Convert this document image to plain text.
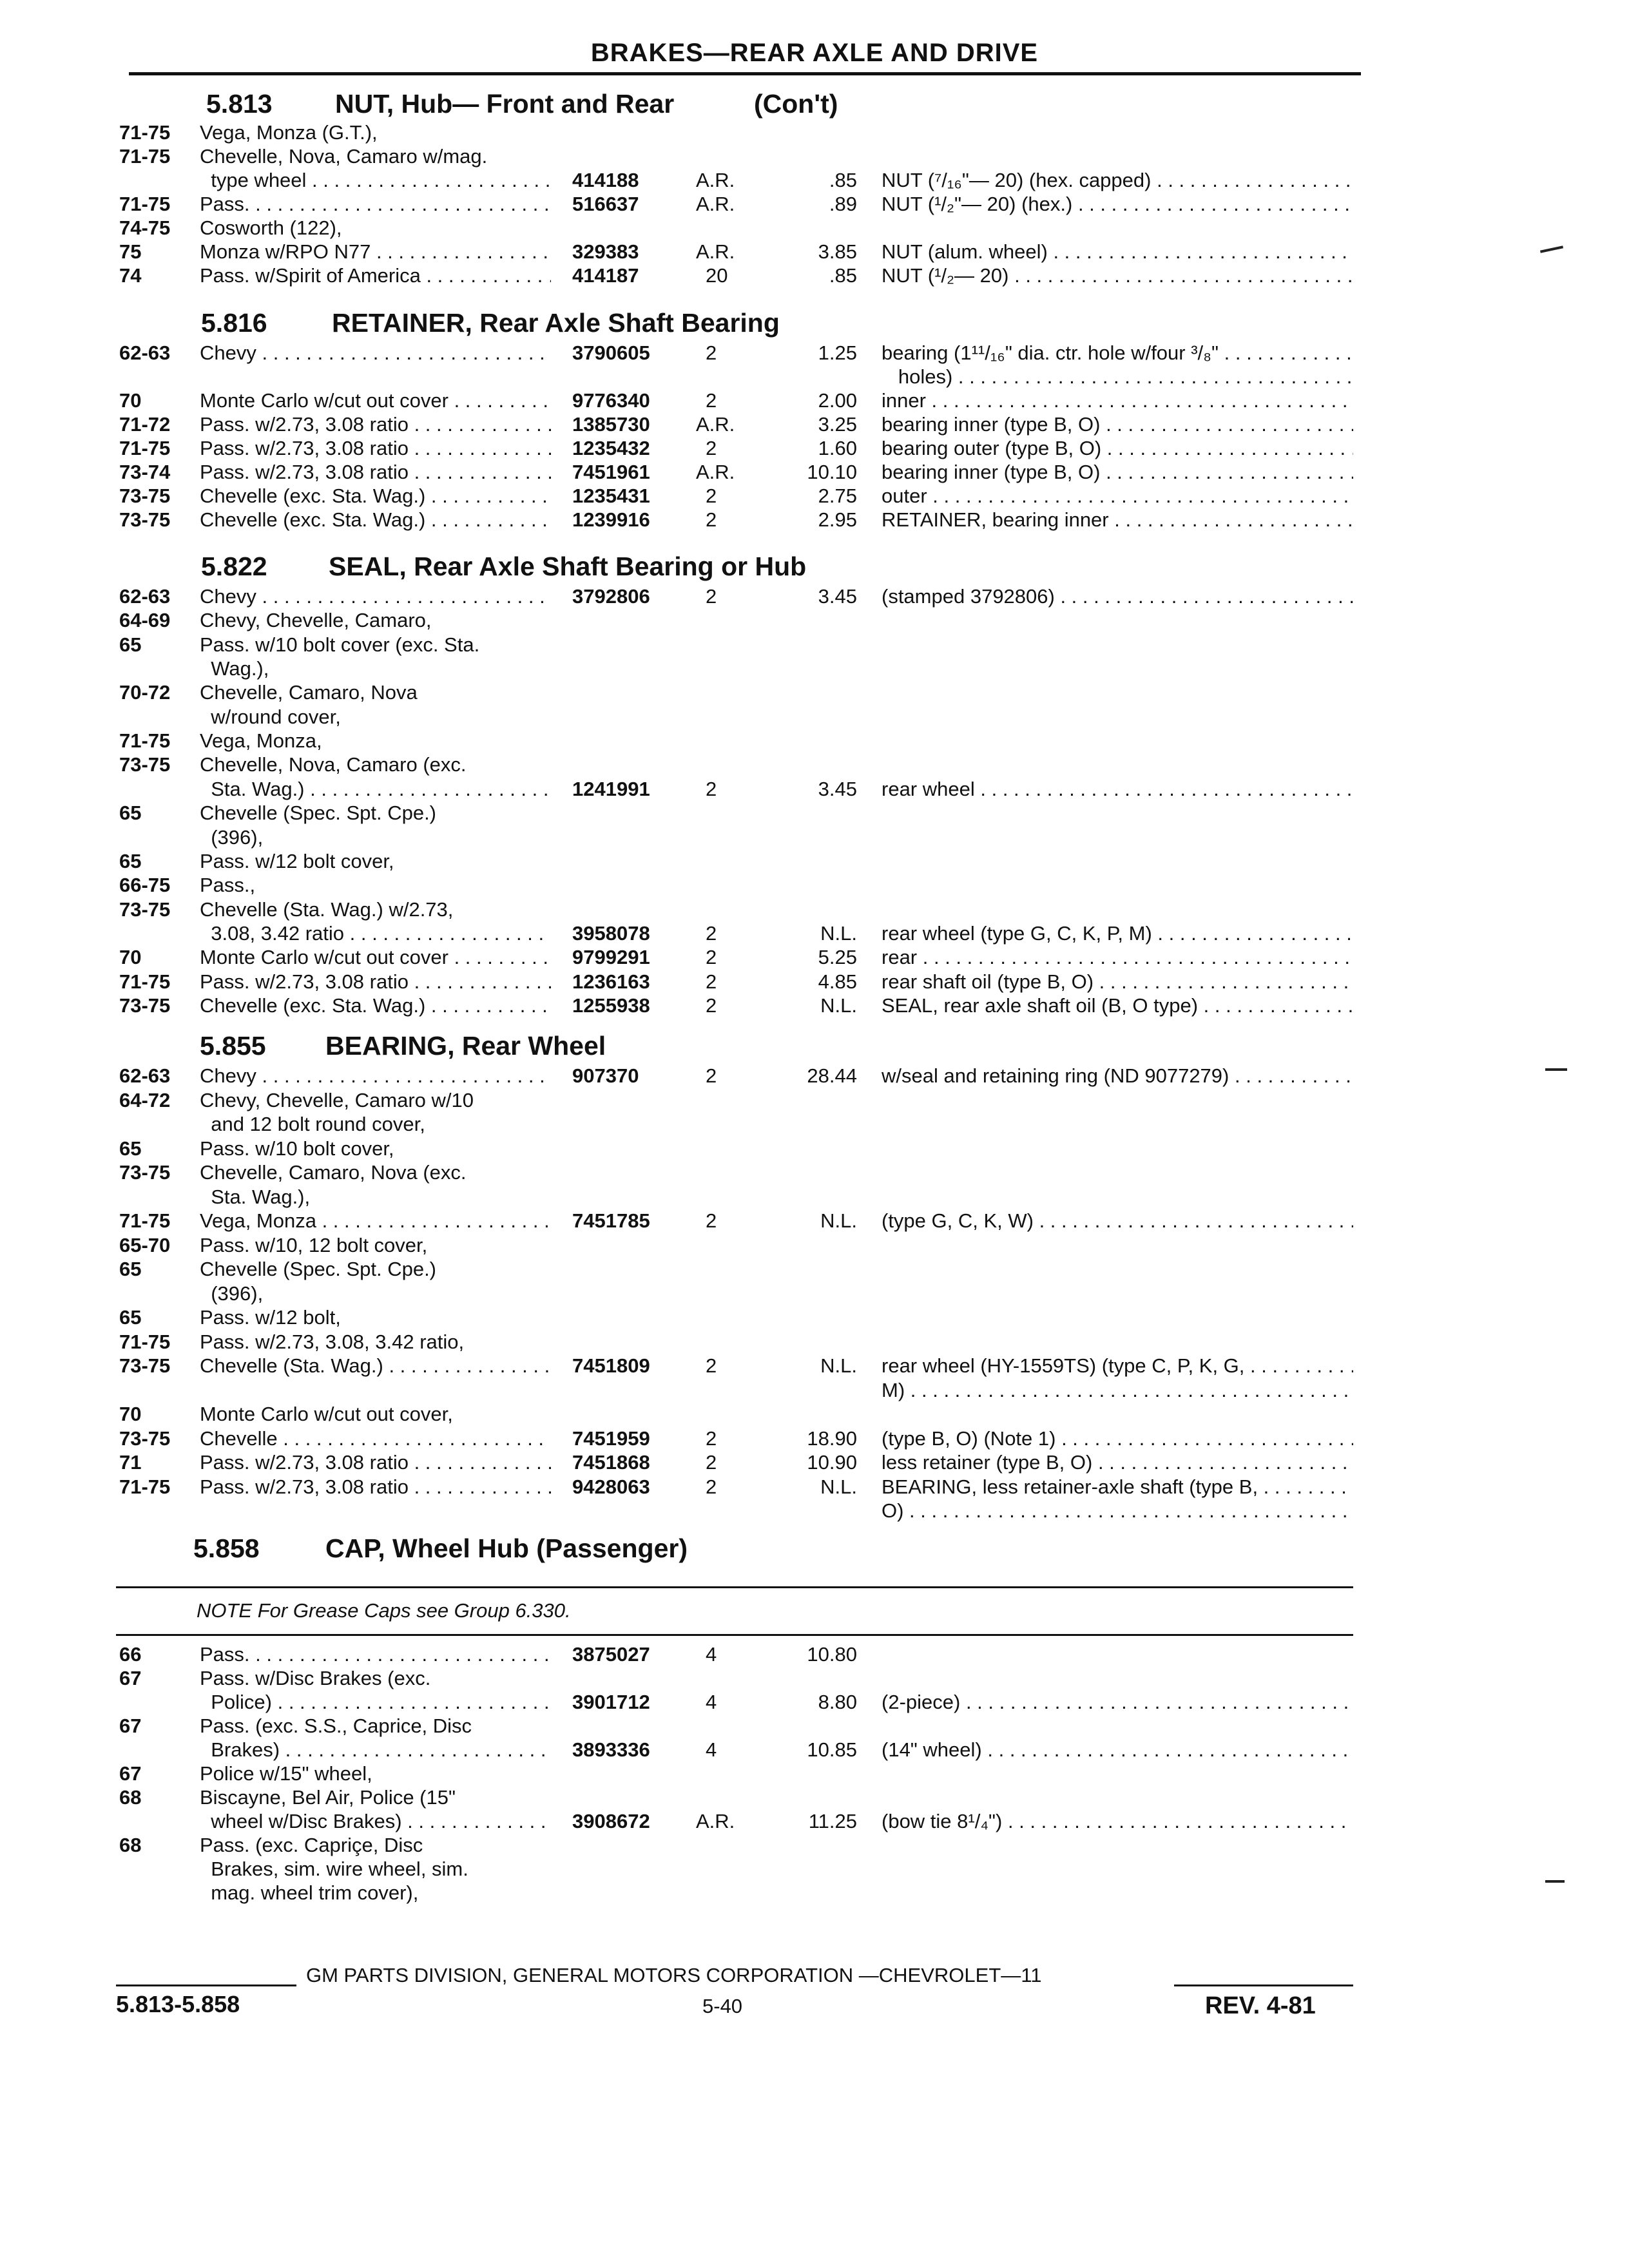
BRAKES—REAR AXLE AND DRIVE
5.813 NUT, Hub— Front and Rear	(Con't)
71-75 Vega, Monza (G.T.),
71-75 Chevelle, Nova, Camaro w/mag.
type wheel . . .	414188	A.R.	.85 NUT (⁷/₁₆"— 20) (hex. capped) . . .
71-75 Pass. . . .	516637	A.R.	.89 NUT (¹/₂"— 20) (hex.) . . .
74-75 Cosworth (122),
75	Monza w/RPO N77 . . .	329383	A.R.	3.85 NUT (alum. wheel) . . .
74	Pass. w/Spirit of America . . .	414187	20	.85 NUT (¹/₂— 20) . . .
5.816 RETAINER, Rear Axle Shaft Bearing
62-63 Chevy . . .	3790605	2	1.25 bearing (1¹¹/₁₆" dia. ctr. hole w/four ³/₈" . . .
holes) . . .
70	Monte Carlo w/cut out cover . . .	9776340	2	2.00 inner . . .
71-72 Pass. w/2.73, 3.08 ratio . . .	1385730 A.R.	3.25 bearing inner (type B, O) . . .
71-75 Pass. w/2.73, 3.08 ratio . . .	1235432	2	1.60 bearing outer (type B, O) . . .
73-74 Pass. w/2.73, 3.08 ratio . . .	7451961 A.R.	10.10 bearing inner (type B, O) . . .
73-75 Chevelle (exc. Sta. Wag.) . . .	1235431	2	2.75 outer . . .
73-75 Chevelle (exc. Sta. Wag.) . . .	1239916	2	2.95 RETAINER, bearing inner . . .
5.822 SEAL, Rear Axle Shaft Bearing or Hub
62-63 Chevy . . .	3792806	2	3.45 (stamped 3792806) . . .
64-69 Chevy, Chevelle, Camaro,
65	Pass. w/10 bolt cover (exc. Sta.
Wag.),
70-72 Chevelle, Camaro, Nova
w/round cover,
71-75 Vega, Monza,
73-75 Chevelle, Nova, Camaro (exc.
Sta. Wag.) . . .	1241991	2	3.45 rear wheel . . .
65	Chevelle (Spec. Spt. Cpe.)
(396),
65	Pass. w/12 bolt cover,
66-75 Pass.,
73-75 Chevelle (Sta. Wag.) w/2.73,
3.08, 3.42 ratio . . .	3958078	2	N.L. rear wheel (type G, C, K, P, M) . . .
70	Monte Carlo w/cut out cover . . .	9799291	2	5.25 rear . . .
71-75 Pass. w/2.73, 3.08 ratio . . .	1236163	2	4.85 rear shaft oil (type B, O) . . .
73-75 Chevelle (exc. Sta. Wag.) . . .	1255938	2	N.L. SEAL, rear axle shaft oil (B, O type) . . .
5.855 BEARING, Rear Wheel
62-63 Chevy . . .	907370	2	28.44 w/seal and retaining ring (ND 9077279) . . .
64-72 Chevy, Chevelle, Camaro w/10
and 12 bolt round cover,
65	Pass. w/10 bolt cover,
73-75 Chevelle, Camaro, Nova (exc.
Sta. Wag.),
71-75 Vega, Monza . . .	7451785	2	N.L. (type G, C, K, W) . . .
65-70 Pass. w/10, 12 bolt cover,
65	Chevelle (Spec. Spt. Cpe.)
(396),
65	Pass. w/12 bolt,
71-75 Pass. w/2.73, 3.08, 3.42 ratio,
73-75 Chevelle (Sta. Wag.) . . .	7451809	2	N.L. rear wheel (HY-1559TS) (type C, P, K, G, . . .
M) . . .
70	Monte Carlo w/cut out cover,
73-75 Chevelle . . .	7451959	2	18.90 (type B, O) (Note 1) . . .
71	Pass. w/2.73, 3.08 ratio . . .	7451868	2	10.90 less retainer (type B, O) . . .
71-75 Pass. w/2.73, 3.08 ratio . . .	9428063	2	N.L. BEARING, less retainer-axle shaft (type B, . . .
O) . . .
5.858 CAP, Wheel Hub (Passenger)
66	Pass. . . .	3875027	4	10.80
67	Pass. w/Disc Brakes (exc.
Police) . . .	3901712	4	8.80 (2-piece) . . .
67	Pass. (exc. S.S., Caprice, Disc
Brakes) . . .	3893336	4	10.85 (14" wheel) . . .
67	Police w/15" wheel,
68	Biscayne, Bel Air, Police (15"
wheel w/Disc Brakes) . . .	3908672 A.R.	11.25 (bow tie 8¹/₄") . . .
68	Pass. (exc. Capriçe, Disc
Brakes, sim. wire wheel, sim.
mag. wheel trim cover),
NOTE For Grease Caps see Group 6.330.
GM PARTS DIVISION, GENERAL MOTORS CORPORATION —CHEVROLET—11
5.813-5.858	5-40	REV. 4-81
